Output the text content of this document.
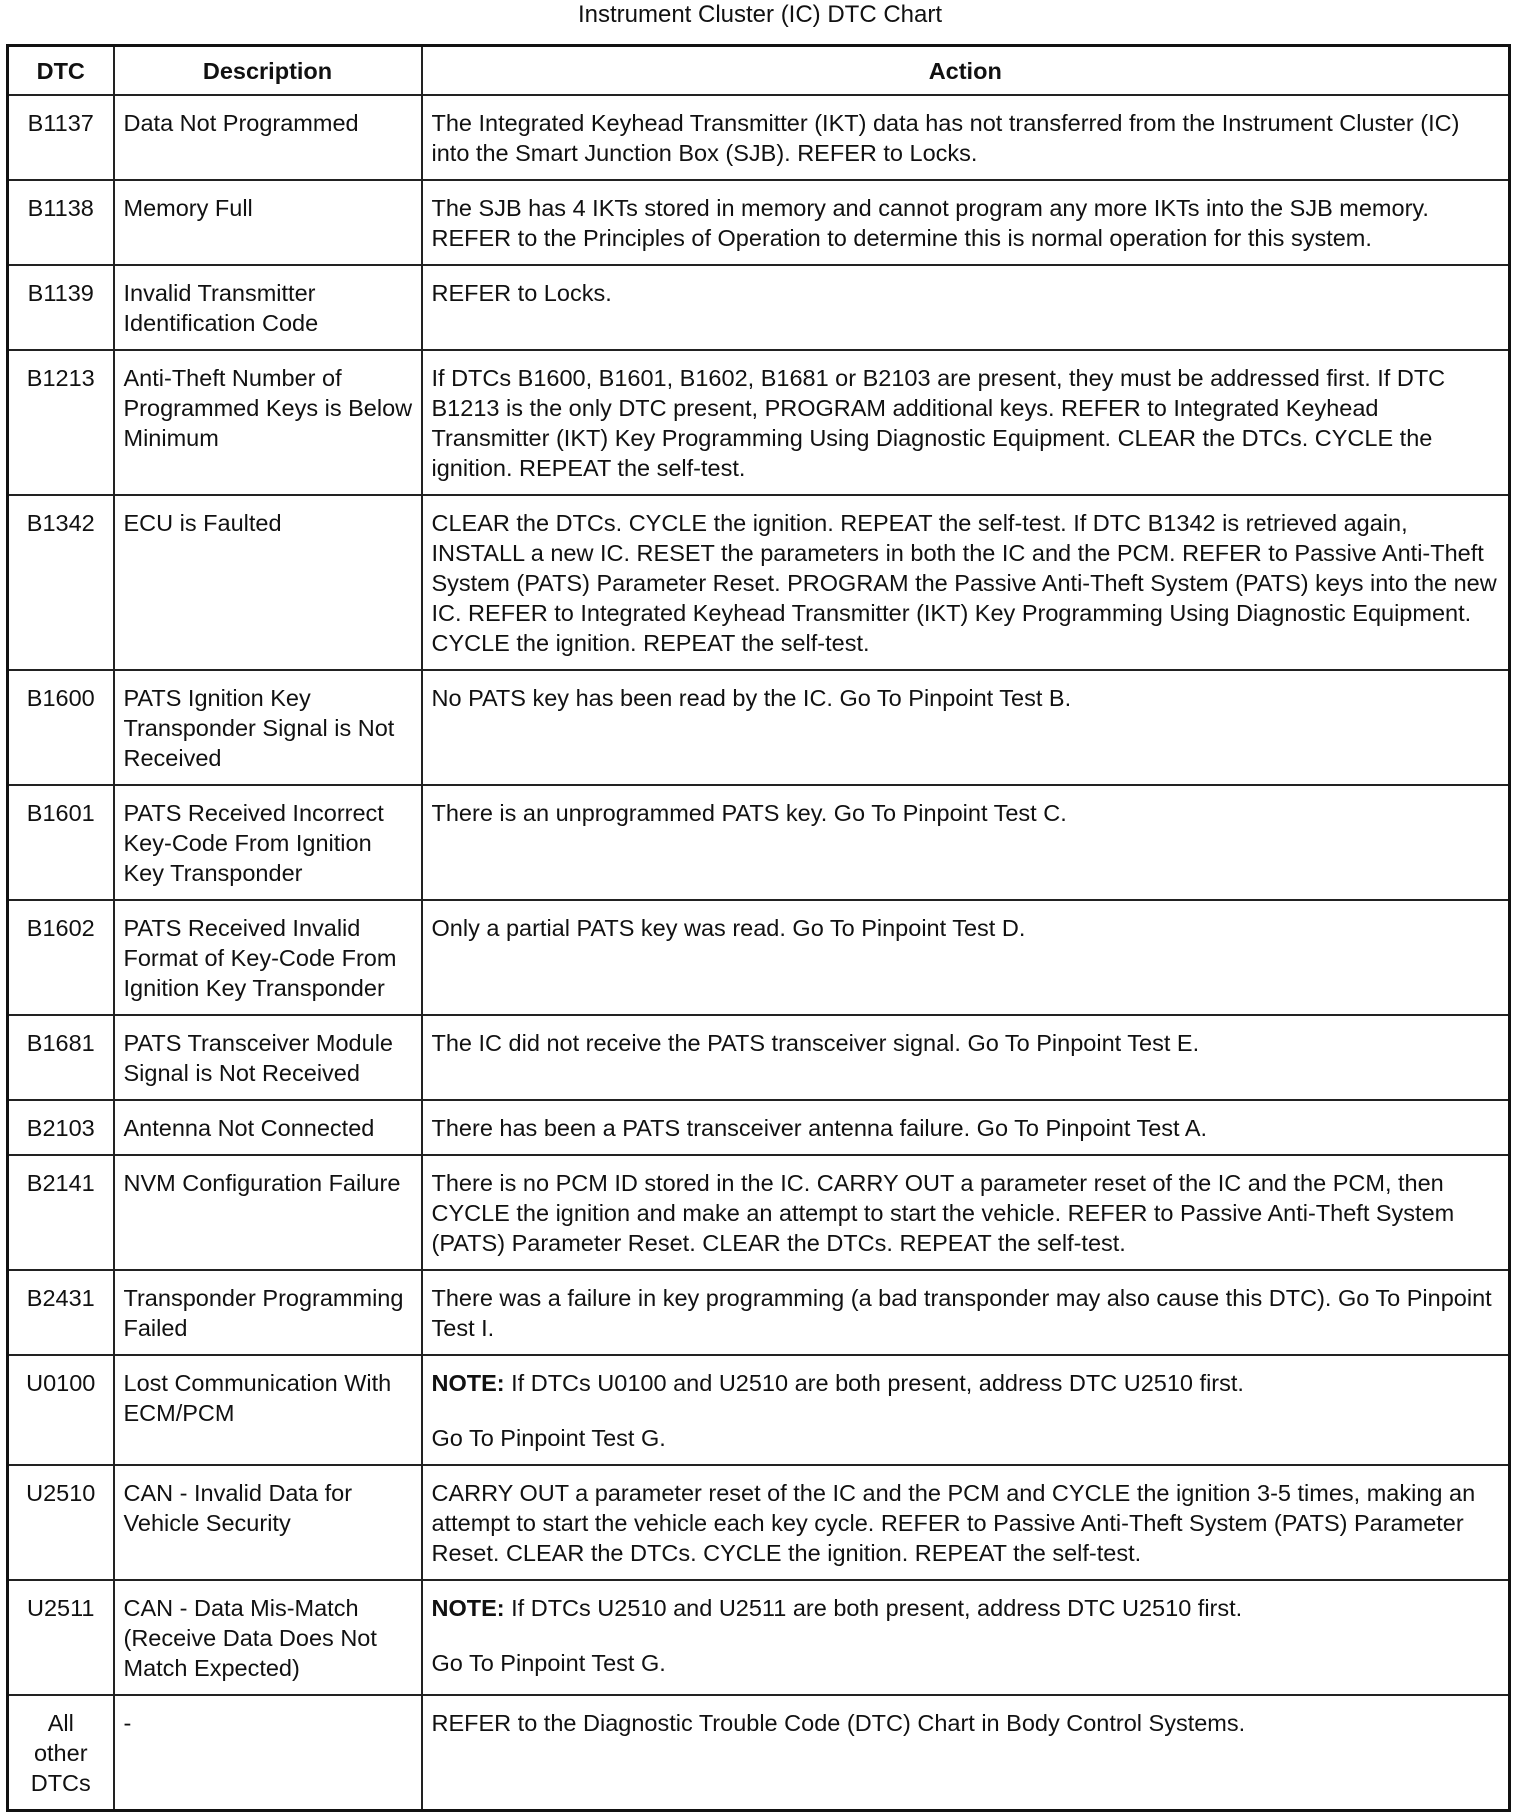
Instrument Cluster (IC) DTC Chart
DTC	Description	Action
B1137	Data Not Programmed	The Integrated Keyhead Transmitter (IKT) data has not transferred from the Instrument Cluster (IC) into the Smart Junction Box (SJB). REFER to Locks.

B1138	Memory Full	The SJB has 4 IKTs stored in memory and cannot program any more IKTs into the SJB memory. REFER to the Principles of Operation to determine this is normal operation for this system.

B1139	Invalid Transmitter Identification Code	REFER to Locks.

B1213	Anti-Theft Number of Programmed Keys is Below Minimum	If DTCs B1600, B1601, B1602, B1681 or B2103 are present, they must be addressed first. If DTC B1213 is the only DTC present, PROGRAM additional keys. REFER to Integrated Keyhead Transmitter (IKT) Key Programming Using Diagnostic Equipment. CLEAR the DTCs. CYCLE the ignition. REPEAT the self-test.

B1342	ECU is Faulted	CLEAR the DTCs. CYCLE the ignition. REPEAT the self-test. If DTC B1342 is retrieved again, INSTALL a new IC. RESET the parameters in both the IC and the PCM. REFER to Passive Anti-Theft System (PATS) Parameter Reset. PROGRAM the Passive Anti-Theft System (PATS) keys into the new IC. REFER to Integrated Keyhead Transmitter (IKT) Key Programming Using Diagnostic Equipment. CYCLE the ignition. REPEAT the self-test.

B1600	PATS Ignition Key Transponder Signal is Not Received	No PATS key has been read by the IC. Go To Pinpoint Test B.

B1601	PATS Received Incorrect Key-Code From Ignition Key Transponder	There is an unprogrammed PATS key. Go To Pinpoint Test C.

B1602	PATS Received Invalid Format of Key-Code From Ignition Key Transponder	Only a partial PATS key was read. Go To Pinpoint Test D.

B1681	PATS Transceiver Module Signal is Not Received	The IC did not receive the PATS transceiver signal. Go To Pinpoint Test E.

B2103	Antenna Not Connected	There has been a PATS transceiver antenna failure. Go To Pinpoint Test A.

B2141	NVM Configuration Failure	There is no PCM ID stored in the IC. CARRY OUT a parameter reset of the IC and the PCM, then CYCLE the ignition and make an attempt to start the vehicle. REFER to Passive Anti-Theft System (PATS) Parameter Reset. CLEAR the DTCs. REPEAT the self-test.

B2431	Transponder Programming Failed	There was a failure in key programming (a bad transponder may also cause this DTC). Go To Pinpoint Test I.

U0100	Lost Communication With ECM/PCM	NOTE: If DTCs U0100 and U2510 are both present, address DTC U2510 first.
Go To Pinpoint Test G.

U2510	CAN - Invalid Data for Vehicle Security	CARRY OUT a parameter reset of the IC and the PCM and CYCLE the ignition 3-5 times, making an attempt to start the vehicle each key cycle. REFER to Passive Anti-Theft System (PATS) Parameter Reset. CLEAR the DTCs. CYCLE the ignition. REPEAT the self-test.

U2511	CAN - Data Mis-Match (Receive Data Does Not Match Expected)	NOTE: If DTCs U2510 and U2511 are both present, address DTC U2510 first.
Go To Pinpoint Test G.

All other DTCs	-	REFER to the Diagnostic Trouble Code (DTC) Chart in Body Control Systems.
